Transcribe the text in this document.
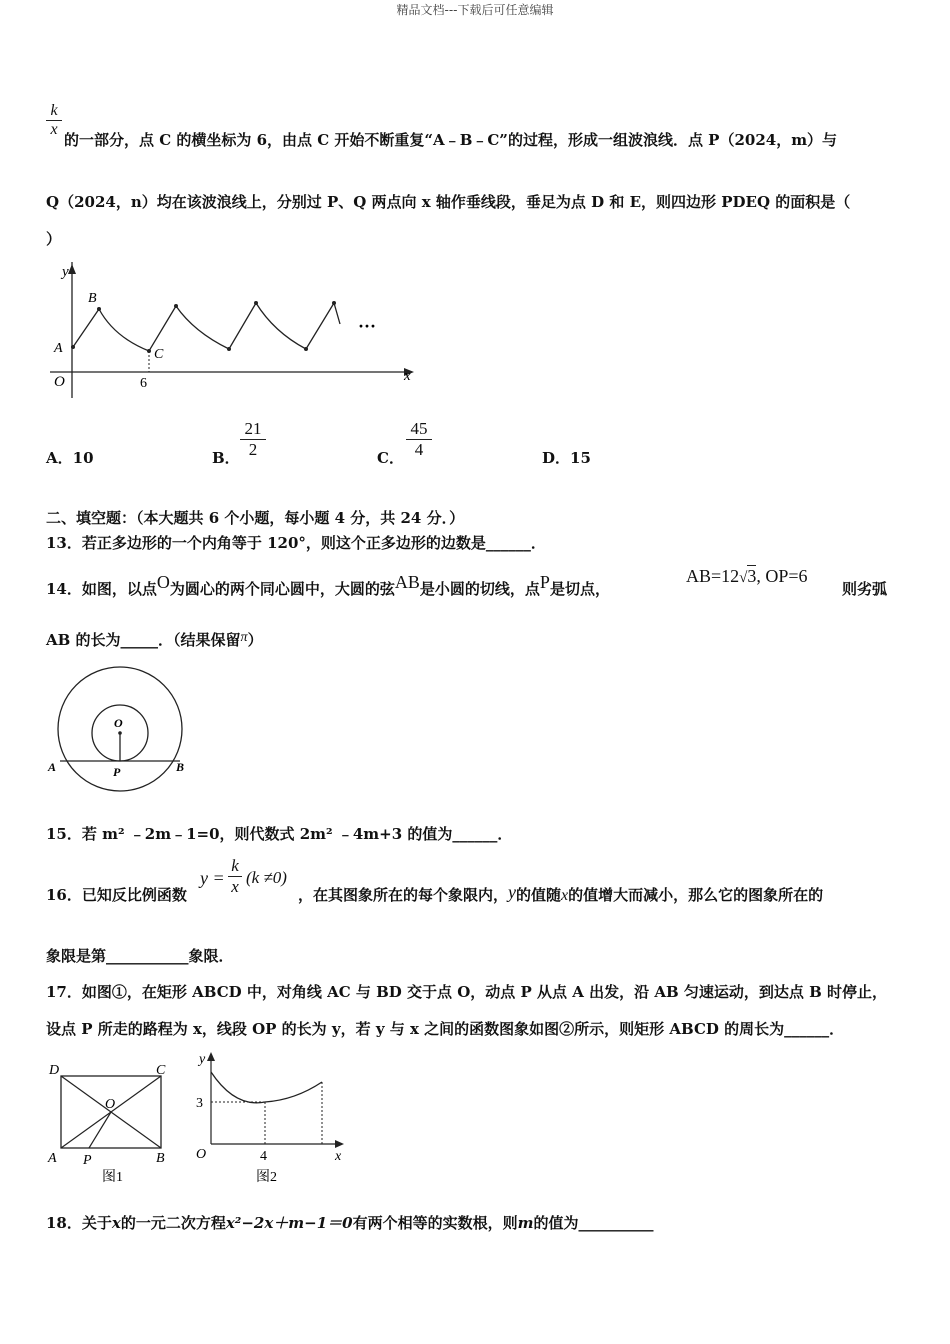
精品文档---下载后可任意编辑
$\frac{k}{x}$
的一部分，点 C 的横坐标为 6，由点 C 开始不断重复“A﹣B﹣C”的过程，形成一组波浪线．点 P（2024，m）与
Q（2024，n）均在该波浪线上，分别过 P、Q 两点向 x 轴作垂线段，垂足为点 D 和 E，则四边形 PDEQ 的面积是（
）
y
x
O
A
B
C
6
···
A．10	B． $\frac{21}{2}$	C． $\frac{45}{4}$	D．15
二、填空题：（本大题共 6 个小题，每小题 4 分，共 24 分．）
13．若正多边形的一个内角等于 120°，则这个正多边形的边数是______．
14．如图，以点O为圆心的两个同心圆中，大圆的弦AB是小圆的切线，点P是切点，
AB=12√3, OP=6
则劣弧
AB 的长为_____．（结果保留π）
O
A	B
P
15．若 m² ﹣2m﹣1=0，则代数式 2m² ﹣4m+3 的值为______．
16．已知反比例函数
$y = \frac{k}{x} (k \ne 0)$
，在其图象所在的每个象限内，y的值随x的值增大而减小，那么它的图象所在的
象限是第___________象限．
17．如图①，在矩形 ABCD 中，对角线 AC 与 BD 交于点 O，动点 P 从点 A 出发，沿 AB 匀速运动，到达点 B 时停止，
设点 P 所走的路程为 x，线段 OP 的长为 y，若 y 与 x 之间的函数图象如图②所示，则矩形 ABCD 的周长为______．
D	C
O
A P	B
图1
y
x
O
3
4
图2
18．关于x的一元二次方程x²−2x＋m−1＝0有两个相等的实数根，则m的值为__________
